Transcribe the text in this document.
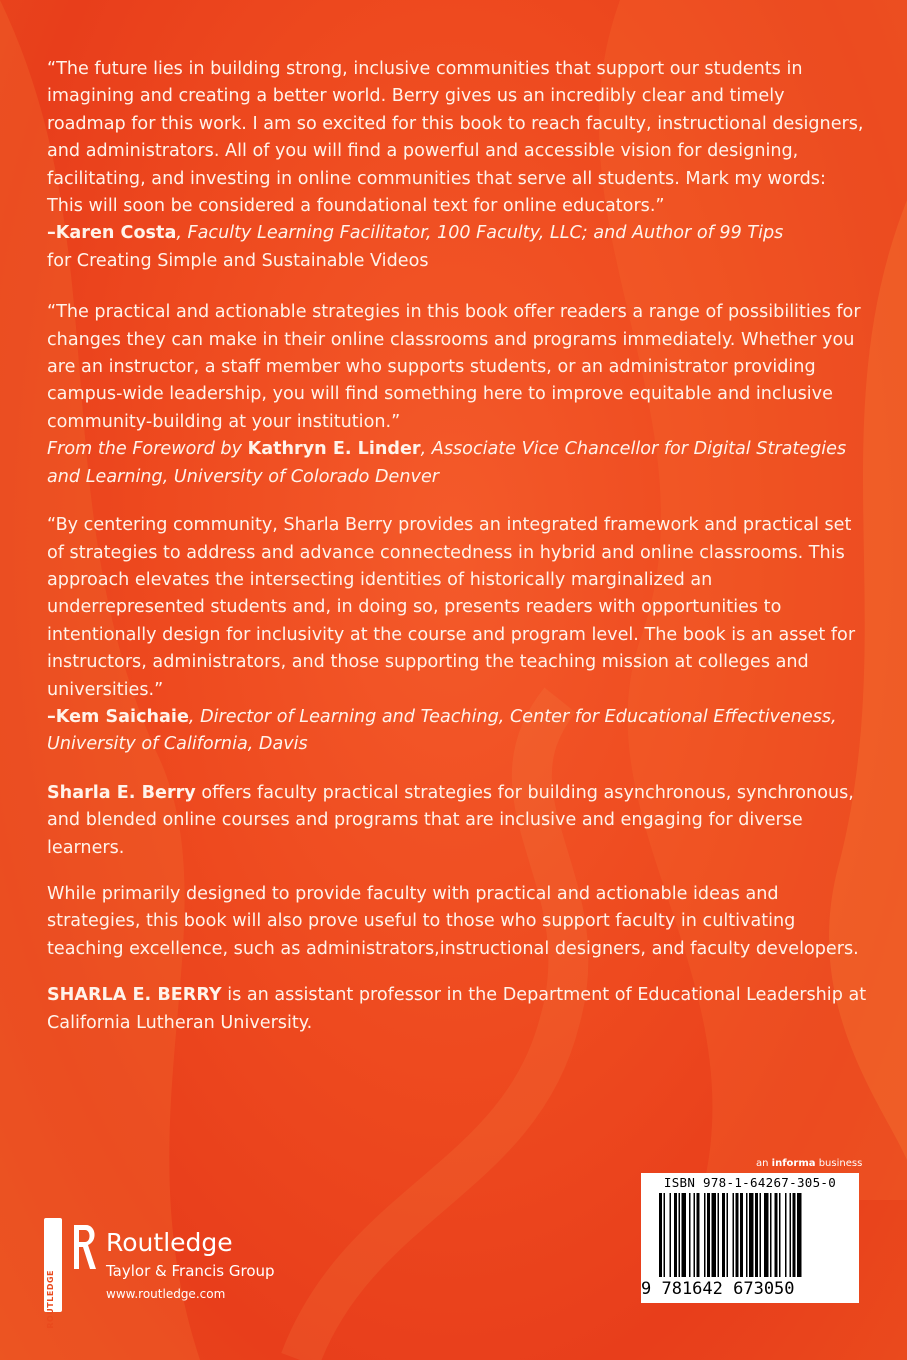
“The future lies in building strong, inclusive communities that support our students in imagining and creating a better world. Berry gives us an incredibly clear and timely roadmap for this work. I am so excited for this book to reach faculty, instructional designers, and administrators. All of you will find a powerful and accessible vision for designing, facilitating, and investing in online communities that serve all students. Mark my words: This will soon be considered a foundational text for online educators.”

–Karen Costa, Faculty Learning Facilitator, 100 Faculty, LLC; and Author of 99 Tips
for Creating Simple and Sustainable Videos

“The practical and actionable strategies in this book offer readers a range of possibilities for changes they can make in their online classrooms and programs immediately. Whether you are an instructor, a staff member who supports students, or an administrator providing campus-wide leadership, you will find something here to improve equitable and inclusive community-building at your institution.”

From the Foreword by Kathryn E. Linder, Associate Vice Chancellor for Digital Strategies and Learning, University of Colorado Denver

“By centering community, Sharla Berry provides an integrated framework and practical set of strategies to address and advance connectedness in hybrid and online classrooms. This approach elevates the intersecting identities of historically marginalized an underrepresented students and, in doing so, presents readers with opportunities to intentionally design for inclusivity at the course and program level. The book is an asset for instructors, administrators, and those supporting the teaching mission at colleges and universities.”

–Kem Saichaie, Director of Learning and Teaching, Center for Educational Effectiveness, University of California, Davis

Sharla E. Berry offers faculty practical strategies for building asynchronous, synchronous, and blended online courses and programs that are inclusive and engaging for diverse learners.

While primarily designed to provide faculty with practical and actionable ideas and strategies, this book will also prove useful to those who support faculty in cultivating teaching excellence, such as administrators,instructional designers, and faculty developers.

SHARLA E. BERRY is an assistant professor in the Department of Educational Leadership at California Lutheran University.

ROUTLEDGE
Routledge
Taylor & Francis Group
www.routledge.com
an informa business
ISBN 978-1-64267-305-0
9 781642 673050
